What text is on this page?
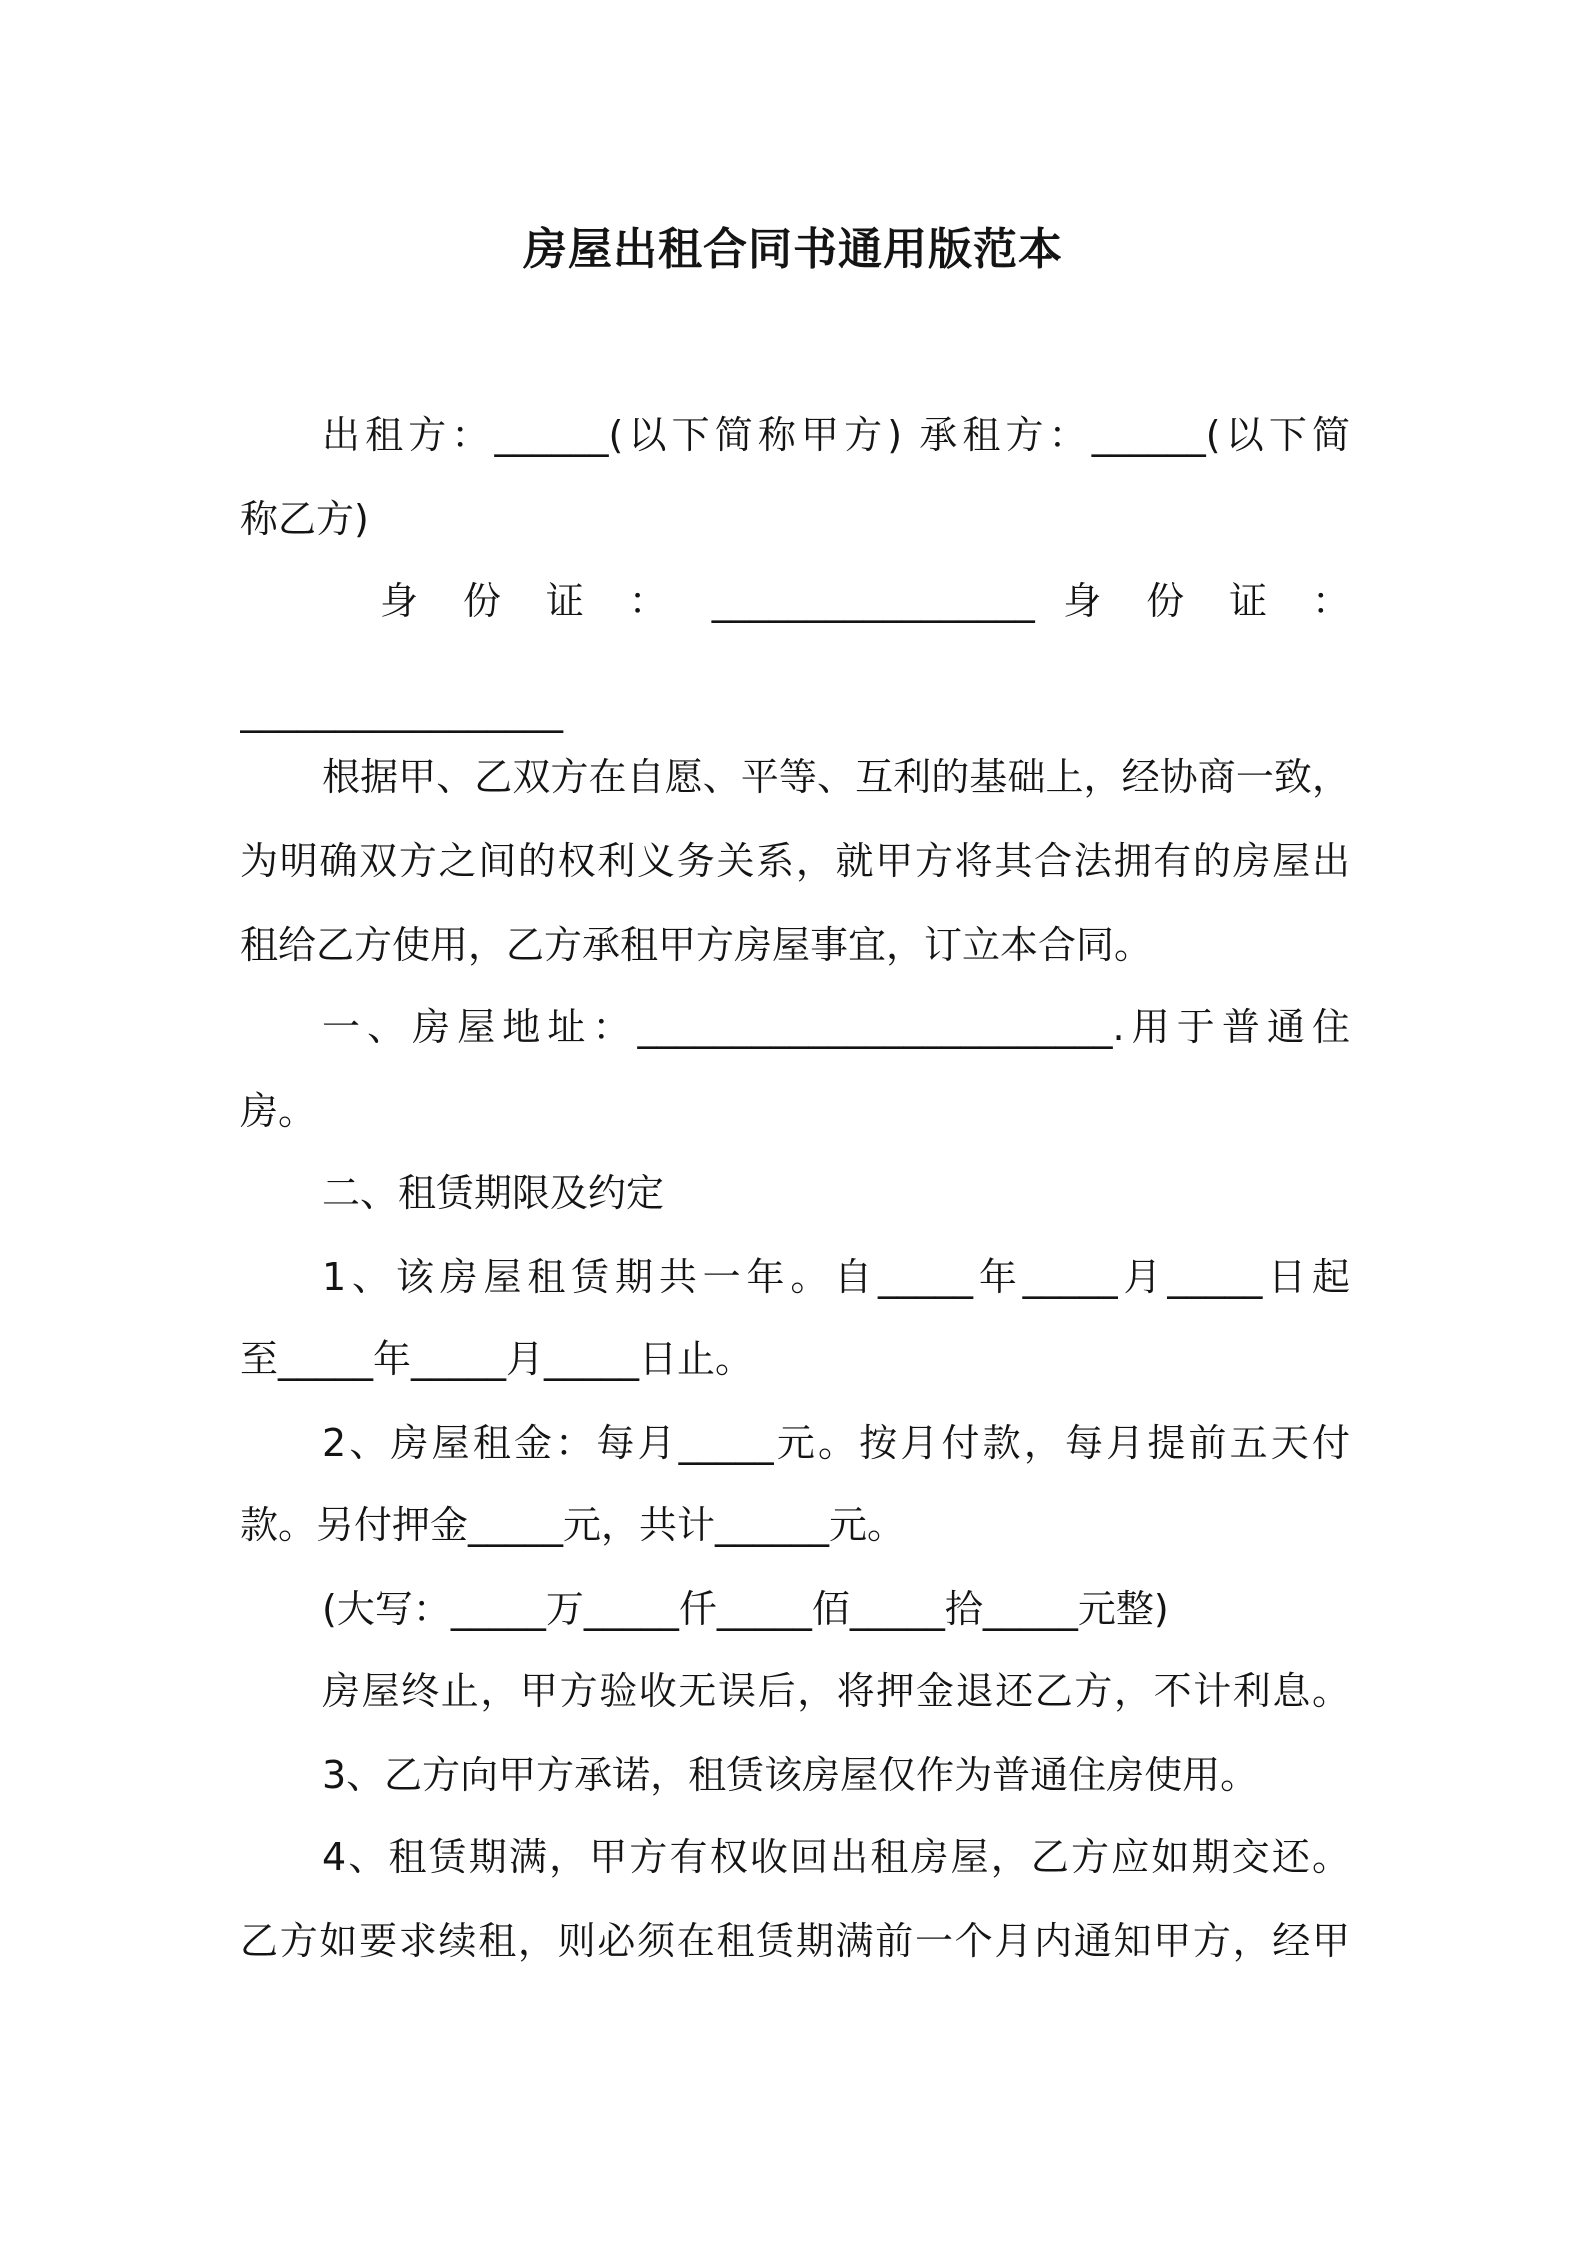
房屋出租合同书通用版范本
出租方：______(以下简称甲方) 承租方：______(以下简
称乙方)
身 份 证 ： _________________ 身 份 证 ：
_________________
根据甲、乙双方在自愿、平等、互利的基础上，经协商一致，
为明确双方之间的权利义务关系，就甲方将其合法拥有的房屋出
租给乙方使用，乙方承租甲方房屋事宜，订立本合同。
一、房屋地址：_________________________.用于普通住
房。
二、租赁期限及约定
1、该房屋租赁期共一年。自_____年_____月_____日起
至_____年_____月_____日止。
2、房屋租金：每月_____元。按月付款，每月提前五天付
款。另付押金_____元，共计______元。
(大写：_____万_____仟_____佰_____拾_____元整)
房屋终止，甲方验收无误后，将押金退还乙方，不计利息。
3、乙方向甲方承诺，租赁该房屋仅作为普通住房使用。
4、租赁期满，甲方有权收回出租房屋，乙方应如期交还。
乙方如要求续租，则必须在租赁期满前一个月内通知甲方，经甲
